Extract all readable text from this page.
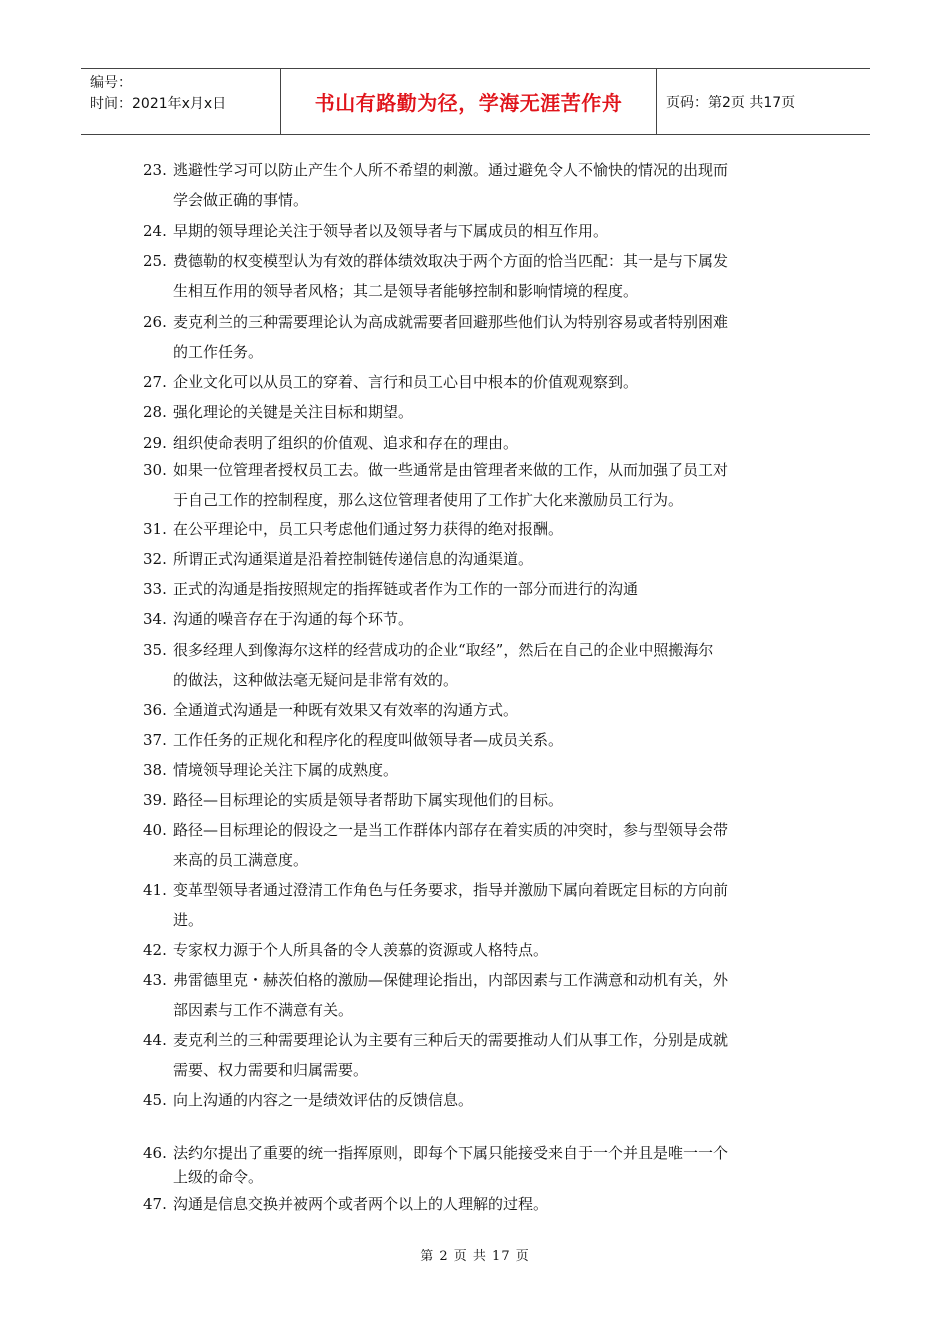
编号：
时间：2021年x月x日	书山有路勤为径，学海无涯苦作舟	页码：第2页 共17页
23. 逃避性学习可以防止产生个人所不希望的刺激。通过避免令人不愉快的情况的出现而
学会做正确的事情。
24. 早期的领导理论关注于领导者以及领导者与下属成员的相互作用。
25. 费德勒的权变模型认为有效的群体绩效取决于两个方面的恰当匹配：其一是与下属发
生相互作用的领导者风格；其二是领导者能够控制和影响情境的程度。
26. 麦克利兰的三种需要理论认为高成就需要者回避那些他们认为特别容易或者特别困难
的工作任务。
27. 企业文化可以从员工的穿着、言行和员工心目中根本的价值观观察到。
28. 强化理论的关键是关注目标和期望。
29. 组织使命表明了组织的价值观、追求和存在的理由。
30. 如果一位管理者授权员工去。做一些通常是由管理者来做的工作，从而加强了员工对
于自己工作的控制程度，那么这位管理者使用了工作扩大化来激励员工行为。
31. 在公平理论中，员工只考虑他们通过努力获得的绝对报酬。
32. 所谓正式沟通渠道是沿着控制链传递信息的沟通渠道。
33. 正式的沟通是指按照规定的指挥链或者作为工作的一部分而进行的沟通
34. 沟通的噪音存在于沟通的每个环节。
35. 很多经理人到像海尔这样的经营成功的企业“取经”，然后在自己的企业中照搬海尔
的做法，这种做法毫无疑问是非常有效的。
36. 全通道式沟通是一种既有效果又有效率的沟通方式。
37. 工作任务的正规化和程序化的程度叫做领导者—成员关系。
38. 情境领导理论关注下属的成熟度。
39. 路径—目标理论的实质是领导者帮助下属实现他们的目标。
40. 路径—目标理论的假设之一是当工作群体内部存在着实质的冲突时，参与型领导会带
来高的员工满意度。
41. 变革型领导者通过澄清工作角色与任务要求，指导并激励下属向着既定目标的方向前
进。
42. 专家权力源于个人所具备的令人羡慕的资源或人格特点。
43. 弗雷德里克・赫茨伯格的激励—保健理论指出，内部因素与工作满意和动机有关，外
部因素与工作不满意有关。
44. 麦克利兰的三种需要理论认为主要有三种后天的需要推动人们从事工作，分别是成就
需要、权力需要和归属需要。
45. 向上沟通的内容之一是绩效评估的反馈信息。
46. 法约尔提出了重要的统一指挥原则，即每个下属只能接受来自于一个并且是唯一一个
上级的命令。
47. 沟通是信息交换并被两个或者两个以上的人理解的过程。
第 2 页 共 17 页
